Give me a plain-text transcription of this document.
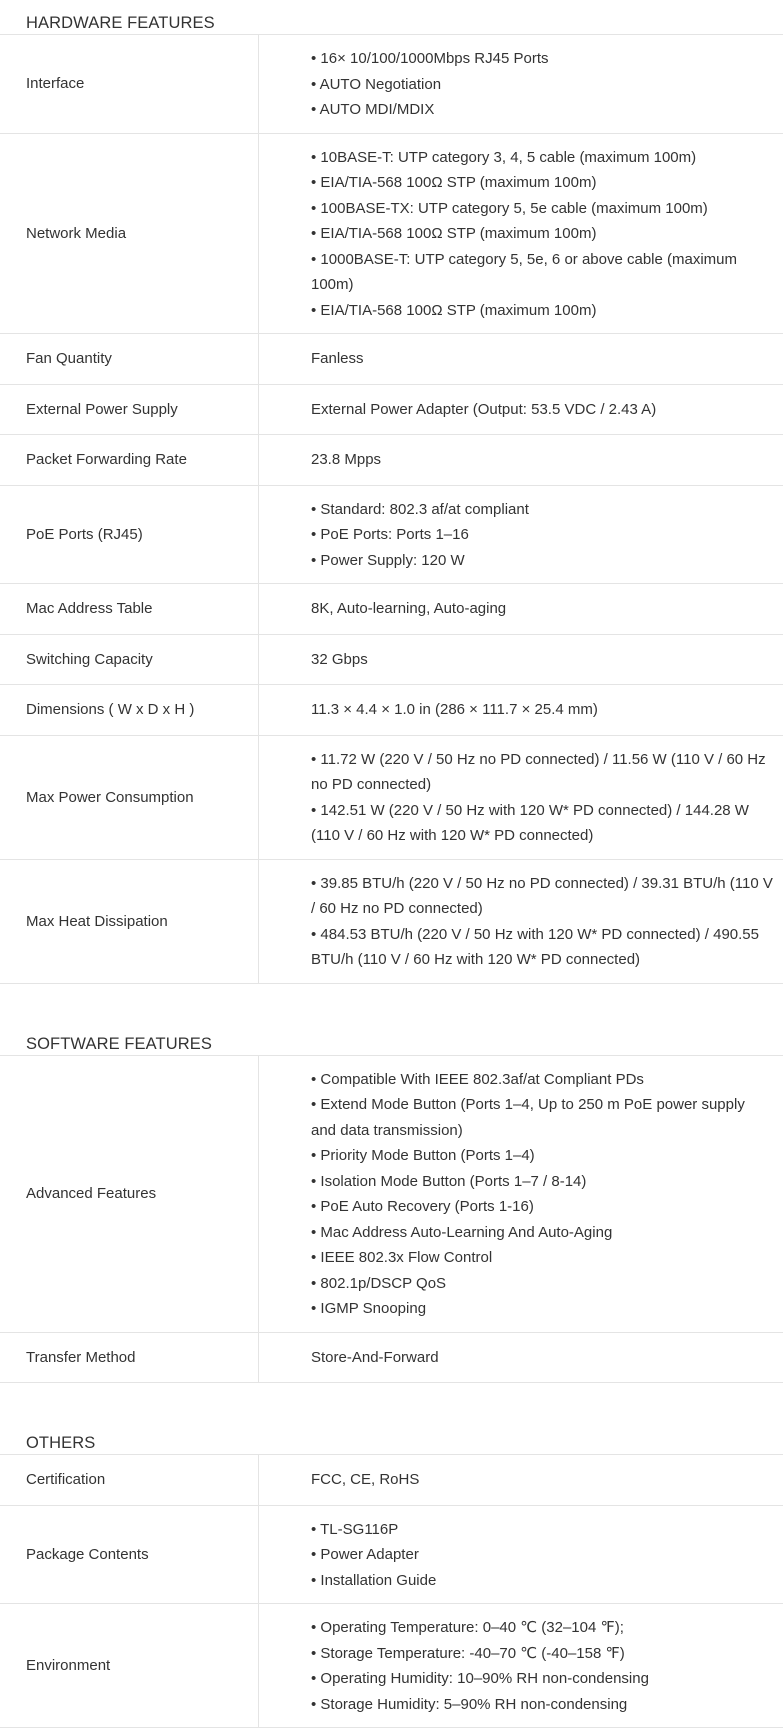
HARDWARE FEATURES
Interface
• 16× 10/100/1000Mbps RJ45 Ports
• AUTO Negotiation
• AUTO MDI/MDIX
Network Media
• 10BASE-T: UTP category 3, 4, 5 cable (maximum 100m)
• EIA/TIA-568 100Ω STP (maximum 100m)
• 100BASE-TX: UTP category 5, 5e cable (maximum 100m)
• EIA/TIA-568 100Ω STP (maximum 100m)
• 1000BASE-T: UTP category 5, 5e, 6 or above cable (maximum 100m)
• EIA/TIA-568 100Ω STP (maximum 100m)
Fan Quantity	Fanless
External Power Supply	External Power Adapter (Output: 53.5 VDC / 2.43 A)
Packet Forwarding Rate	23.8 Mpps
PoE Ports (RJ45)
• Standard: 802.3 af/at compliant
• PoE Ports: Ports 1–16
• Power Supply: 120 W
Mac Address Table	8K, Auto-learning, Auto-aging
Switching Capacity	32 Gbps
Dimensions ( W x D x H )	11.3 × 4.4 × 1.0 in (286 × 111.7 × 25.4 mm)
Max Power Consumption
• 11.72 W (220 V / 50 Hz no PD connected) / 11.56 W (110 V / 60 Hz no PD connected)
• 142.51 W (220 V / 50 Hz with 120 W* PD connected) / 144.28 W (110 V / 60 Hz with 120 W* PD connected)
Max Heat Dissipation
• 39.85 BTU/h (220 V / 50 Hz no PD connected) / 39.31 BTU/h (110 V / 60 Hz no PD connected)
• 484.53 BTU/h (220 V / 50 Hz with 120 W* PD connected) / 490.55 BTU/h (110 V / 60 Hz with 120 W* PD connected)
SOFTWARE FEATURES
Advanced Features
• Compatible With IEEE 802.3af/at Compliant PDs
• Extend Mode Button (Ports 1–4, Up to 250 m PoE power supply and data transmission)
• Priority Mode Button (Ports 1–4)
• Isolation Mode Button (Ports 1–7 / 8-14)
• PoE Auto Recovery (Ports 1-16)
• Mac Address Auto-Learning And Auto-Aging
• IEEE 802.3x Flow Control
• 802.1p/DSCP QoS
• IGMP Snooping
Transfer Method	Store-And-Forward
OTHERS
Certification	FCC, CE, RoHS
Package Contents
• TL-SG116P
• Power Adapter
• Installation Guide
Environment
• Operating Temperature: 0–40 ℃ (32–104 ℉);
• Storage Temperature: -40–70 ℃ (-40–158 ℉)
• Operating Humidity: 10–90% RH non-condensing
• Storage Humidity: 5–90% RH non-condensing
